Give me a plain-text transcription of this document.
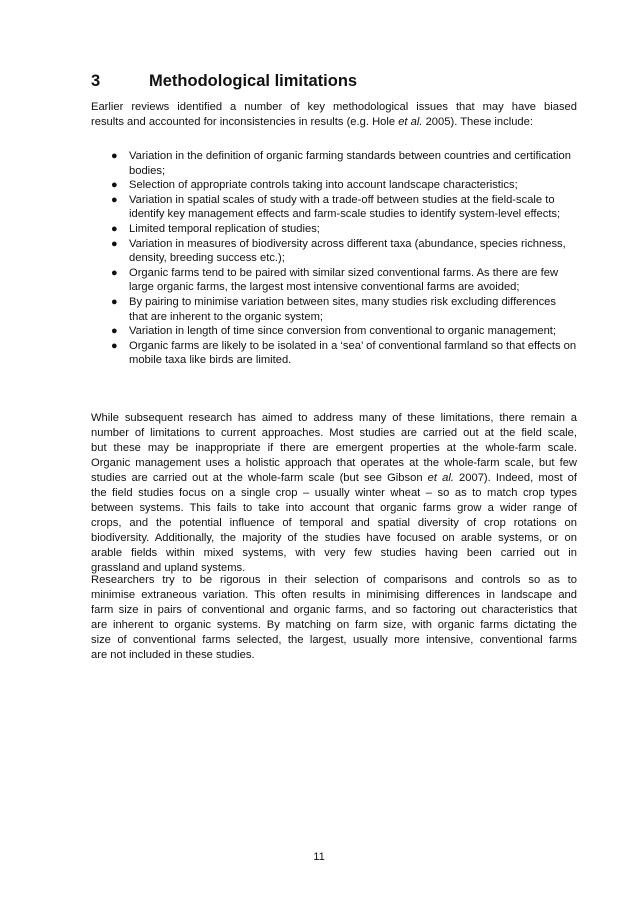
3	Methodological limitations
Earlier reviews identified a number of key methodological issues that may have biased
results and accounted for inconsistencies in results (e.g. Hole et al. 2005). These include:
● Variation in the definition of organic farming standards between countries and certification bodies;
● Selection of appropriate controls taking into account landscape characteristics;
● Variation in spatial scales of study with a trade-off between studies at the field-scale to identify key management effects and farm-scale studies to identify system-level effects;
● Limited temporal replication of studies;
● Variation in measures of biodiversity across different taxa (abundance, species richness, density, breeding success etc.);
● Organic farms tend to be paired with similar sized conventional farms. As there are few large organic farms, the largest most intensive conventional farms are avoided;
● By pairing to minimise variation between sites, many studies risk excluding differences that are inherent to the organic system;
● Variation in length of time since conversion from conventional to organic management;
● Organic farms are likely to be isolated in a ‘sea’ of conventional farmland so that effects on mobile taxa like birds are limited.
While subsequent research has aimed to address many of these limitations, there remain a
number of limitations to current approaches. Most studies are carried out at the field scale,
but these may be inappropriate if there are emergent properties at the whole-farm scale.
Organic management uses a holistic approach that operates at the whole-farm scale, but few
studies are carried out at the whole-farm scale (but see Gibson et al. 2007). Indeed, most of
the field studies focus on a single crop – usually winter wheat – so as to match crop types
between systems. This fails to take into account that organic farms grow a wider range of
crops, and the potential influence of temporal and spatial diversity of crop rotations on
biodiversity. Additionally, the majority of the studies have focused on arable systems, or on
arable fields within mixed systems, with very few studies having been carried out in
grassland and upland systems.
Researchers try to be rigorous in their selection of comparisons and controls so as to
minimise extraneous variation. This often results in minimising differences in landscape and
farm size in pairs of conventional and organic farms, and so factoring out characteristics that
are inherent to organic systems. By matching on farm size, with organic farms dictating the
size of conventional farms selected, the largest, usually more intensive, conventional farms
are not included in these studies.
11
